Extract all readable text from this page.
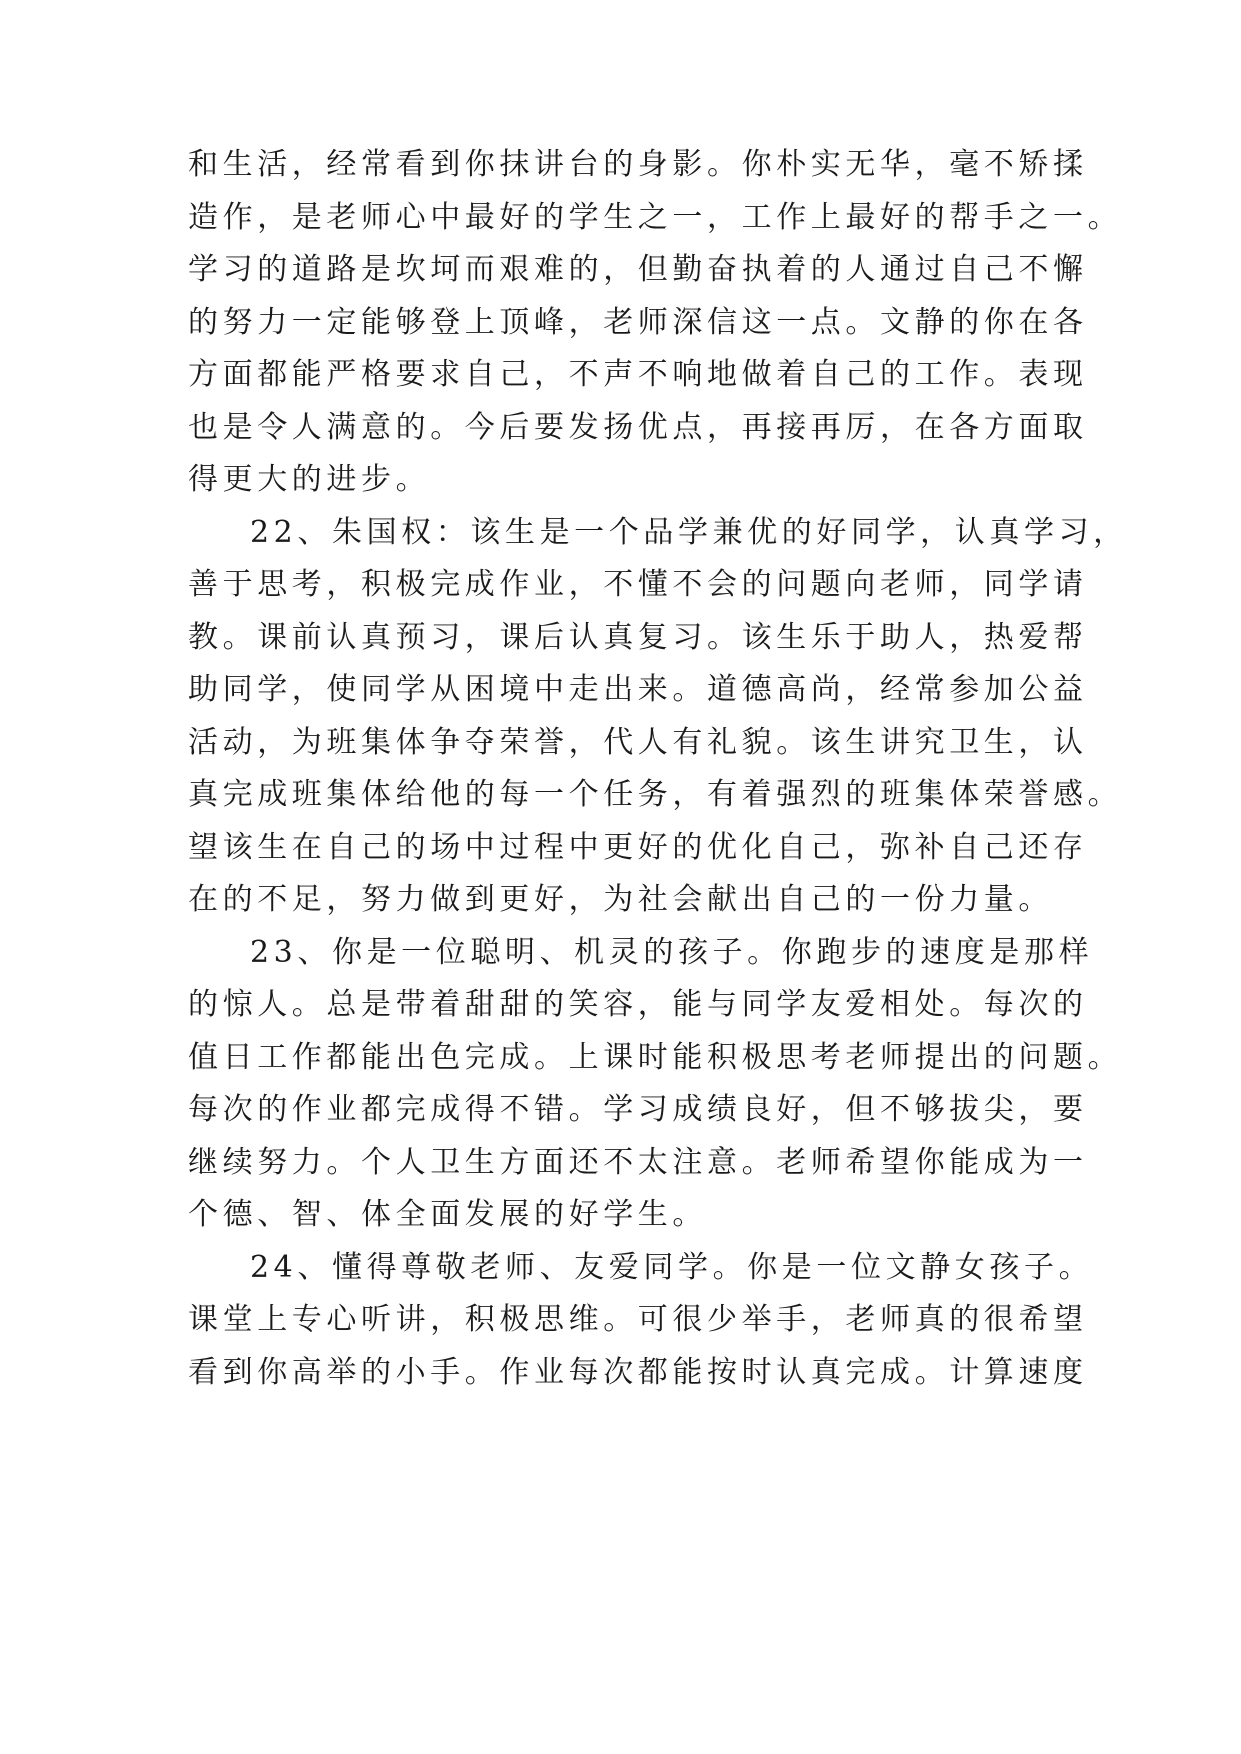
和生活，经常看到你抹讲台的身影。你朴实无华，毫不矫揉
造作，是老师心中最好的学生之一，工作上最好的帮手之一。
学习的道路是坎坷而艰难的，但勤奋执着的人通过自己不懈
的努力一定能够登上顶峰，老师深信这一点。文静的你在各
方面都能严格要求自己，不声不响地做着自己的工作。表现
也是令人满意的。今后要发扬优点，再接再厉，在各方面取
得更大的进步。
22、朱国权：该生是一个品学兼优的好同学，认真学习，
善于思考，积极完成作业，不懂不会的问题向老师，同学请
教。课前认真预习，课后认真复习。该生乐于助人，热爱帮
助同学，使同学从困境中走出来。道德高尚，经常参加公益
活动，为班集体争夺荣誉，代人有礼貌。该生讲究卫生，认
真完成班集体给他的每一个任务，有着强烈的班集体荣誉感。
望该生在自己的场中过程中更好的优化自己，弥补自己还存
在的不足，努力做到更好，为社会献出自己的一份力量。
23、你是一位聪明、机灵的孩子。你跑步的速度是那样
的惊人。总是带着甜甜的笑容，能与同学友爱相处。每次的
值日工作都能出色完成。上课时能积极思考老师提出的问题。
每次的作业都完成得不错。学习成绩良好，但不够拔尖，要
继续努力。个人卫生方面还不太注意。老师希望你能成为一
个德、智、体全面发展的好学生。
24、懂得尊敬老师、友爱同学。你是一位文静女孩子。
课堂上专心听讲，积极思维。可很少举手，老师真的很希望
看到你高举的小手。作业每次都能按时认真完成。计算速度
